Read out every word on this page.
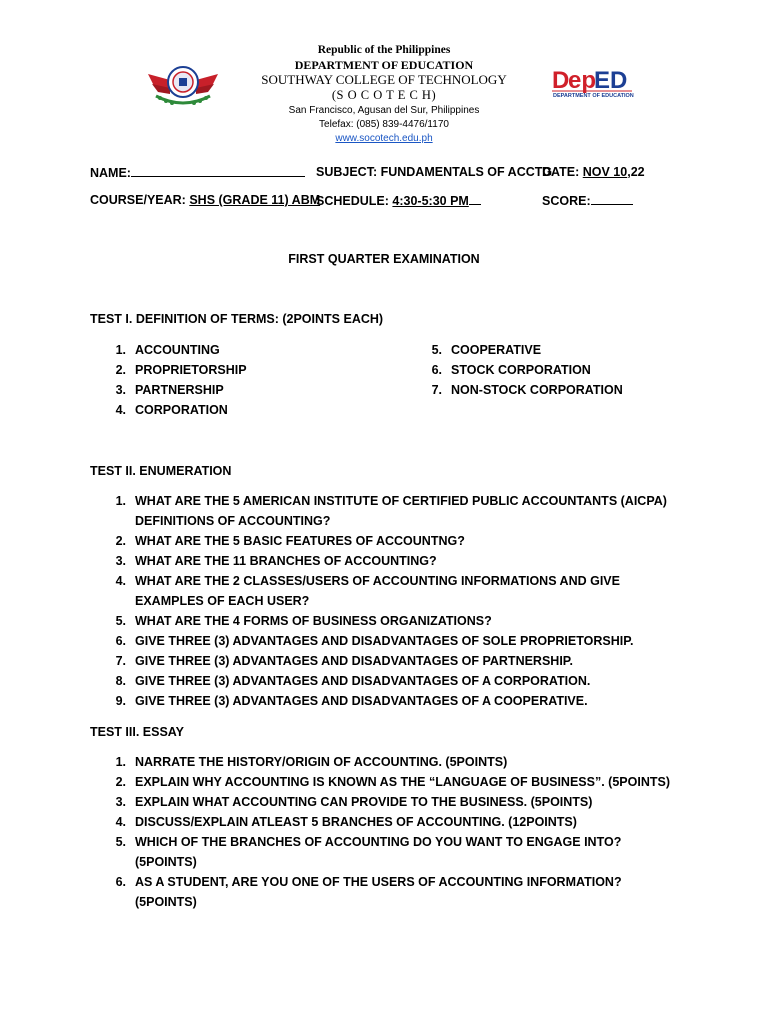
D
ep
ED
DEPARTMENT OF EDUCATION
Republic of the Philippines
DEPARTMENT OF EDUCATION
SOUTHWAY COLLEGE OF TECHNOLOGY
(S O C O T E C H)
San Francisco, Agusan del Sur, Philippines
Telefax: (085) 839-4476/1170
www.socotech.edu.ph
NAME:	SUBJECT: FUNDAMENTALS OF ACCTG
DATE: NOV 10,22
COURSE/YEAR: SHS (GRADE 11) ABM
SCHEDULE: 4:30-5:30 PM	SCORE:
FIRST QUARTER EXAMINATION
TEST I. DEFINITION OF TERMS: (2POINTS EACH)
1. ACCOUNTING
2. PROPRIETORSHIP
3. PARTNERSHIP
4. CORPORATION
5. COOPERATIVE
6. STOCK CORPORATION
7. NON-STOCK CORPORATION
TEST II. ENUMERATION
1. WHAT ARE THE 5 AMERICAN INSTITUTE OF CERTIFIED PUBLIC ACCOUNTANTS (AICPA)
DEFINITIONS OF ACCOUNTING?
2. WHAT ARE THE 5 BASIC FEATURES OF ACCOUNTNG?
3. WHAT ARE THE 11 BRANCHES OF ACCOUNTING?
4. WHAT ARE THE 2 CLASSES/USERS OF ACCOUNTING INFORMATIONS AND GIVE
EXAMPLES OF EACH USER?
5. WHAT ARE THE 4 FORMS OF BUSINESS ORGANIZATIONS?
6. GIVE THREE (3) ADVANTAGES AND DISADVANTAGES OF SOLE PROPRIETORSHIP.
7. GIVE THREE (3) ADVANTAGES AND DISADVANTAGES OF PARTNERSHIP.
8. GIVE THREE (3) ADVANTAGES AND DISADVANTAGES OF A CORPORATION.
9. GIVE THREE (3) ADVANTAGES AND DISADVANTAGES OF A COOPERATIVE.
TEST III. ESSAY
1. NARRATE THE HISTORY/ORIGIN OF ACCOUNTING. (5POINTS)
2. EXPLAIN WHY ACCOUNTING IS KNOWN AS THE “LANGUAGE OF BUSINESS”. (5POINTS)
3. EXPLAIN WHAT ACCOUNTING CAN PROVIDE TO THE BUSINESS. (5POINTS)
4. DISCUSS/EXPLAIN ATLEAST 5 BRANCHES OF ACCOUNTING. (12POINTS)
5. WHICH OF THE BRANCHES OF ACCOUNTING DO YOU WANT TO ENGAGE INTO?
(5POINTS)
6. AS A STUDENT, ARE YOU ONE OF THE USERS OF ACCOUNTING INFORMATION?
(5POINTS)
